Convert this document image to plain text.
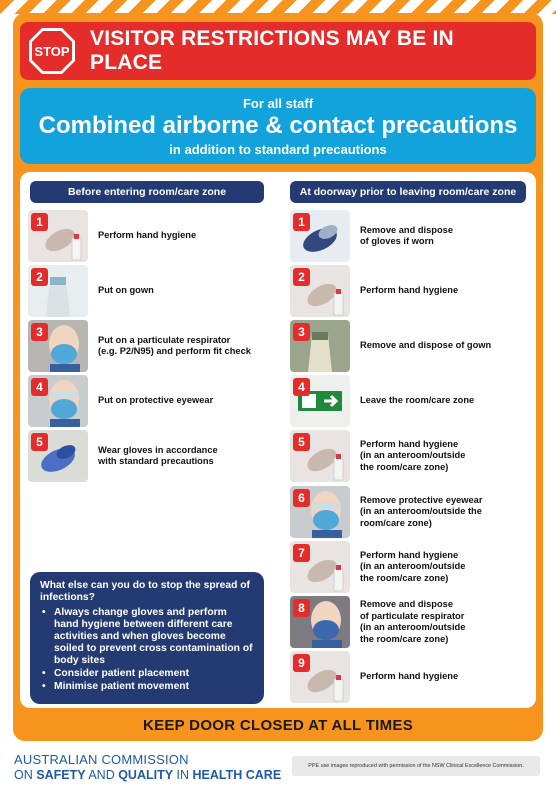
STOP
VISITOR RESTRICTIONS MAY BE IN PLACE
For all staff
Combined airborne & contact precautions
in addition to standard precautions
Before entering room/care zone	At doorway prior to leaving room/care zone
1
Perform hand hygiene
2
Put on gown
3
Put on a particulate respirator
(e.g. P2/N95) and perform fit check
4
Put on protective eyewear
5
Wear gloves in accordance
with standard precautions
1
Remove and dispose
of gloves if worn
2
Perform hand hygiene
3
Remove and dispose of gown
4
Leave the room/care zone
5	Perform hand hygiene
(in an anteroom/outside
the room/care zone)
6	Remove protective eyewear
(in an anteroom/outside the
room/care zone)
7	Perform hand hygiene
(in an anteroom/outside
the room/care zone)
8	Remove and dispose
of particulate respirator
(in an anteroom/outside
the room/care zone)
9
Perform hand hygiene
What else can you do to stop the spread of infections?
• Always change gloves and perform hand hygiene between different care activities and when gloves become soiled to prevent cross contamination of body sites
• Consider patient placement
• Minimise patient movement
KEEP DOOR CLOSED AT ALL TIMES
AUSTRALIAN COMMISSION
ON SAFETY AND QUALITY IN HEALTH CARE
PPE use images reproduced with permission of the NSW Clinical Excellence Commission.
